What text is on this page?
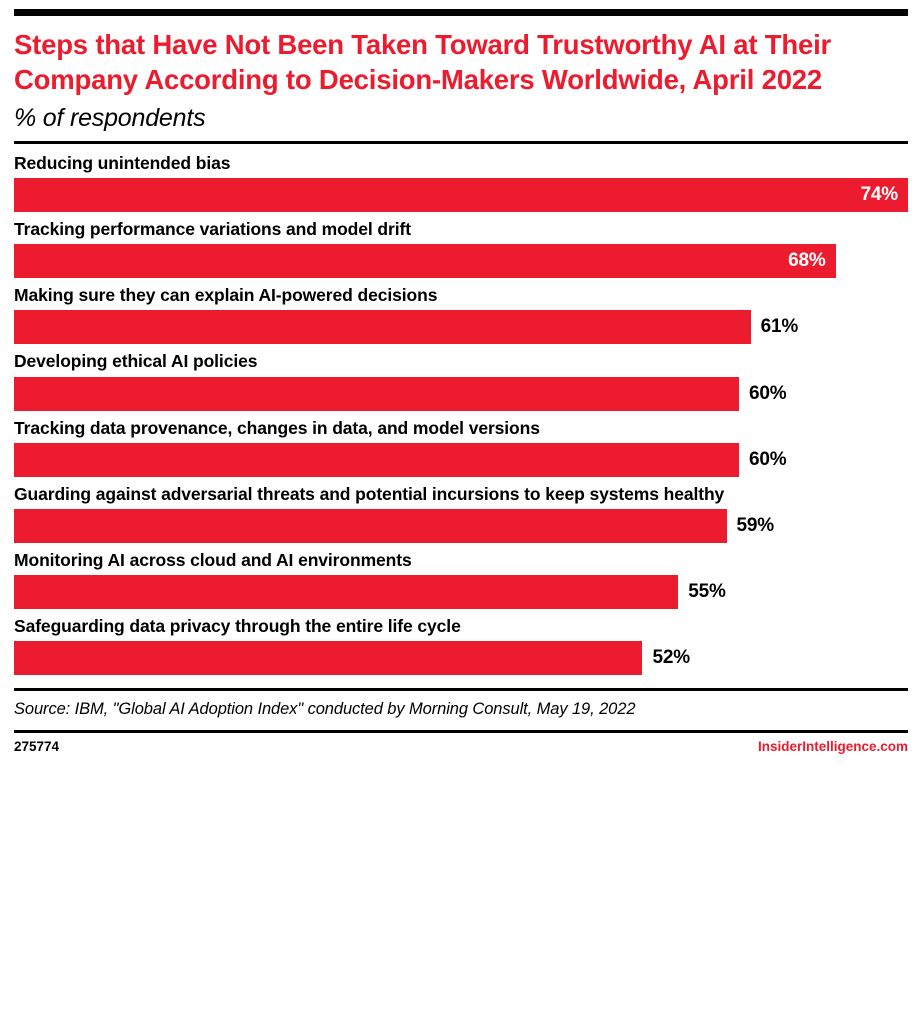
Steps that Have Not Been Taken Toward Trustworthy AI at Their Company According to Decision-Makers Worldwide, April 2022
% of respondents
Reducing unintended bias
74%
Tracking performance variations and model drift
68%
Making sure they can explain AI-powered decisions
61%
Developing ethical AI policies
60%
Tracking data provenance, changes in data, and model versions
60%
Guarding against adversarial threats and potential incursions to keep systems healthy
59%
Monitoring AI across cloud and AI environments
55%
Safeguarding data privacy through the entire life cycle
52%
Source: IBM, "Global AI Adoption Index" conducted by Morning Consult, May 19, 2022
275774	InsiderIntelligence.com
